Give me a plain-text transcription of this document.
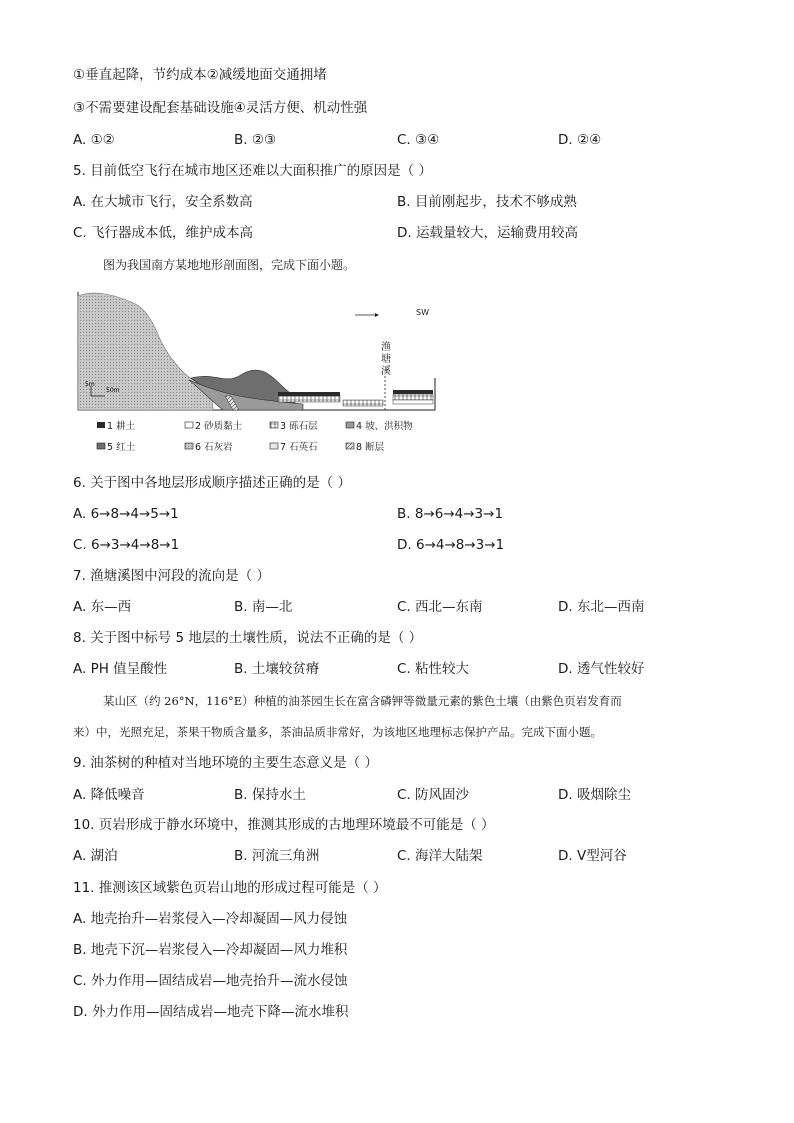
①垂直起降，节约成本②减缓地面交通拥堵
③不需要建设配套基础设施④灵活方便、机动性强
A. ①②	B. ②③	C. ③④	D. ②④
5. 目前低空飞行在城市地区还难以大面积推广的原因是（ ）
A. 在大城市飞行，安全系数高	B. 目前刚起步，技术不够成熟
C. 飞行器成本低，维护成本高	D. 运载量较大，运输费用较高
图为我国南方某地地形剖面图，完成下面小题。
5m
50m
SW
渔塘溪
1 耕土	2 砂质黏土	3 砾石层	4 坡、洪积物
5 红土	6 石灰岩	7 石英石	8 断层
6. 关于图中各地层形成顺序描述正确的是（ ）
A. 6→8→4→5→1	B. 8→6→4→3→1
C. 6→3→4→8→1	D. 6→4→8→3→1
7. 渔塘溪图中河段的流向是（ ）
A. 东—西	B. 南—北	C. 西北—东南	D. 东北—西南
8. 关于图中标号 5 地层的土壤性质，说法不正确的是（ ）
A. PH 值呈酸性	B. 土壤较贫瘠	C. 粘性较大	D. 透气性较好
某山区（约 26°N，116°E）种植的油茶园生长在富含磷钾等微量元素的紫色土壤（由紫色页岩发育而
来）中，光照充足，茶果干物质含量多，茶油品质非常好，为该地区地理标志保护产品。完成下面小题。
9. 油茶树的种植对当地环境的主要生态意义是（ ）
A. 降低噪音	B. 保持水土	C. 防风固沙	D. 吸烟除尘
10. 页岩形成于静水环境中，推测其形成的古地理环境最不可能是（ ）
A. 湖泊	B. 河流三角洲	C. 海洋大陆架	D. V型河谷
11. 推测该区域紫色页岩山地的形成过程可能是（ ）
A. 地壳抬升—岩浆侵入—冷却凝固—风力侵蚀
B. 地壳下沉—岩浆侵入—冷却凝固—风力堆积
C. 外力作用—固结成岩—地壳抬升—流水侵蚀
D. 外力作用—固结成岩—地壳下降—流水堆积
